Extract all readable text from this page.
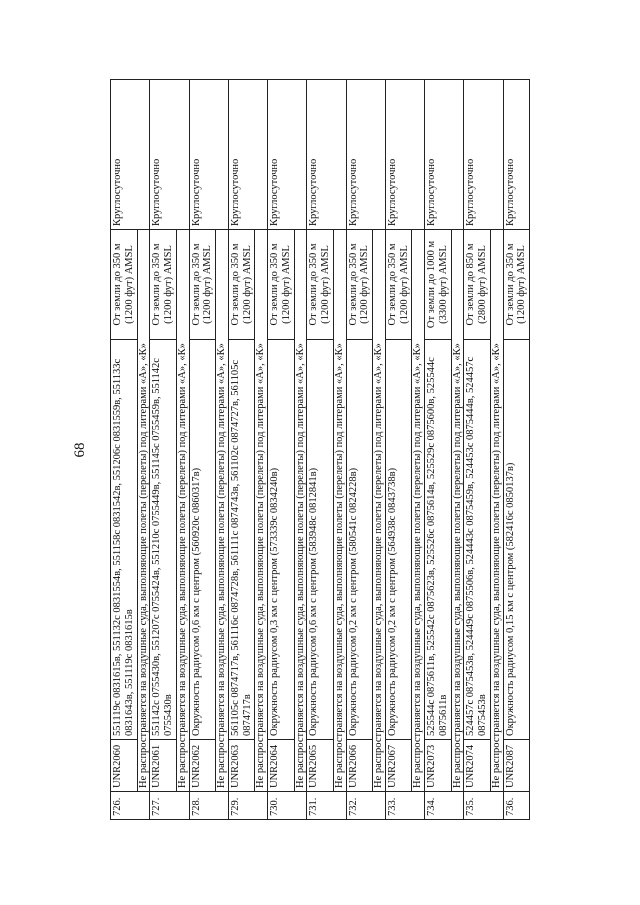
68
726.	UNR2060	551119с 0831615в, 551132с 0831554в, 551158с 0831542в, 551206с 0831559в, 551133с 0831643в, 551119с 0831615в	От земли до 350 м (1200 фут) AMSL	Круглосуточно
	Не распространяется на воздушные суда, выполняющие полеты (перелеты) под литерами «А», «К»			
727.	UNR2061	551142с 0755430в, 551207с 0755424в, 551210с 0755449в, 551145с 0755459в, 551142с 0755430в	От земли до 350 м (1200 фут) AMSL	Круглосуточно
	Не распространяется на воздушные суда, выполняющие полеты (перелеты) под литерами «А», «К»			
728.	UNR2062	Окружность радиусом 0,6 км с центром (560920с 0860317в)	От земли до 350 м (1200 фут) AMSL	Круглосуточно
	Не распространяется на воздушные суда, выполняющие полеты (перелеты) под литерами «А», «К»			
729.	UNR2063	561105с 0874717в, 561116с 0874728в, 561111с 0874743в, 561102с 0874727в, 561105с 0874717в	От земли до 350 м (1200 фут) AMSL	Круглосуточно
	Не распространяется на воздушные суда, выполняющие полеты (перелеты) под литерами «А», «К»			
730.	UNR2064	Окружность радиусом 0,3 км с центром (573339с 0834240в)	От земли до 350 м (1200 фут) AMSL	Круглосуточно
	Не распространяется на воздушные суда, выполняющие полеты (перелеты) под литерами «А», «К»			
731.	UNR2065	Окружность радиусом 0,6 км с центром (583948с 0812841в)	От земли до 350 м (1200 фут) AMSL	Круглосуточно
	Не распространяется на воздушные суда, выполняющие полеты (перелеты) под литерами «А», «К»			
732.	UNR2066	Окружность радиусом 0,2 км с центром (580541с 0824228в)	От земли до 350 м (1200 фут) AMSL	Круглосуточно
	Не распространяется на воздушные суда, выполняющие полеты (перелеты) под литерами «А», «К»			
733.	UNR2067	Окружность радиусом 0,2 км с центром (564938с 0843738в)	От земли до 350 м (1200 фут) AMSL	Круглосуточно
	Не распространяется на воздушные суда, выполняющие полеты (перелеты) под литерами «А», «К»			
734.	UNR2073	525544с 0875611в, 525542с 0875623в, 525526с 0875614в, 525529с 0875600в, 525544с 0875611в	От земли до 1000 м (3300 фут) AMSL	Круглосуточно
	Не распространяется на воздушные суда, выполняющие полеты (перелеты) под литерами «А», «К»			
735.	UNR2074	524457с 0875453в, 524449с 0875506в, 524443с 0875459в, 524453с 0875444в, 524457с 0875453в	От земли до 850 м (2800 фут) AMSL	Круглосуточно
	Не распространяется на воздушные суда, выполняющие полеты (перелеты) под литерами «А», «К»			
736.	UNR2087	Окружность радиусом 0,15 км с центром (582416с 0850137в)	От земли до 350 м (1200 фут) AMSL	Круглосуточно
